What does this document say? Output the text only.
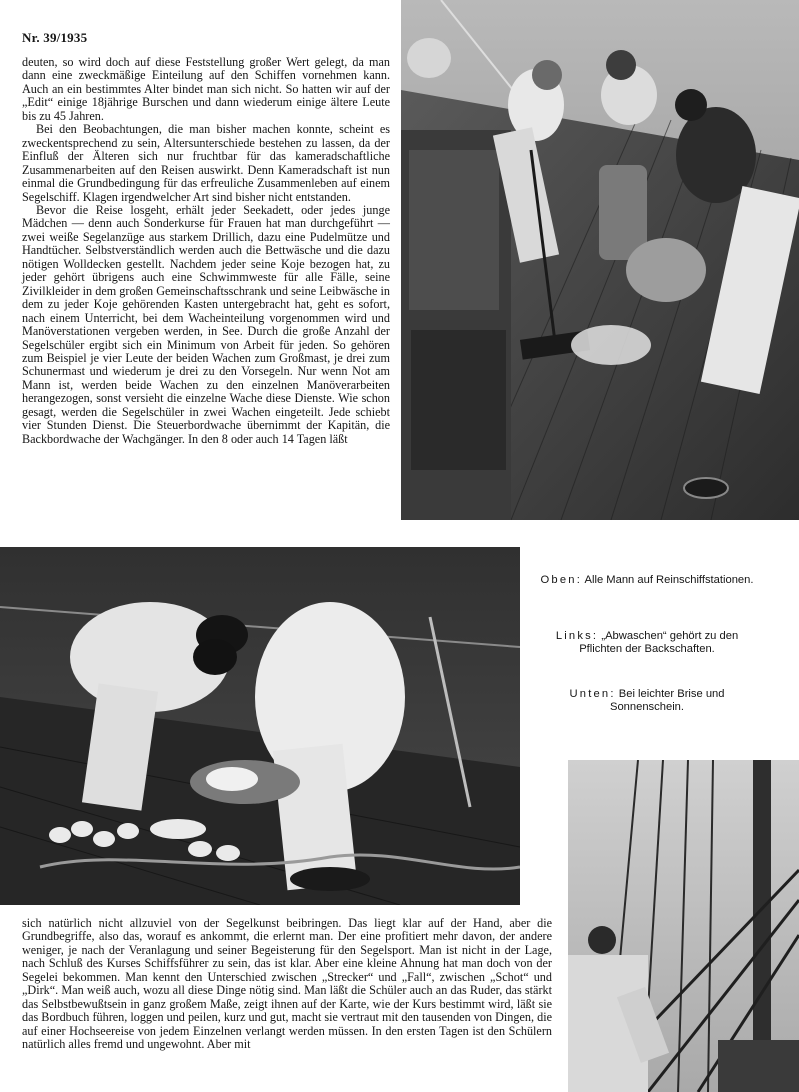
Nr. 39/1935

deuten, so wird doch auf diese Feststellung großer Wert gelegt, da man dann eine zweckmäßige Einteilung auf den Schiffen vornehmen kann. Auch an ein bestimmtes Alter bindet man sich nicht. So hatten wir auf der „Edit“ einige 18jährige Burschen und dann wiederum einige ältere Leute bis zu 45 Jahren.

Bei den Beobachtungen, die man bisher machen konnte, scheint es zweckentsprechend zu sein, Altersunterschiede bestehen zu lassen, da der Einfluß der Älteren sich nur fruchtbar für das kameradschaftliche Zusammenarbeiten auf den Reisen auswirkt. Denn Kameradschaft ist nun einmal die Grundbedingung für das erfreuliche Zusammenleben auf einem Segelschiff. Klagen irgendwelcher Art sind bisher nicht entstanden.

Bevor die Reise losgeht, erhält jeder Seekadett, oder jedes junge Mädchen — denn auch Sonderkurse für Frauen hat man durchgeführt — zwei weiße Segelanzüge aus starkem Drillich, dazu eine Pudelmütze und Handtücher. Selbstverständlich werden auch die Bettwäsche und die dazu nötigen Wolldecken gestellt. Nachdem jeder seine Koje bezogen hat, zu jeder gehört übrigens auch eine Schwimmweste für alle Fälle, seine Zivilkleider in dem großen Gemeinschaftsschrank und seine Leibwäsche in dem zu jeder Koje gehörenden Kasten untergebracht hat, geht es sofort, nach einem Unterricht, bei dem Wacheinteilung vorgenommen wird und Manöverstationen vergeben werden, in See. Durch die große Anzahl der Segelschüler ergibt sich ein Minimum von Arbeit für jeden. So gehören zum Beispiel je vier Leute der beiden Wachen zum Großmast, je drei zum Schunermast und wiederum je drei zu den Vorsegeln. Nur wenn Not am Mann ist, werden beide Wachen zu den einzelnen Manöverarbeiten herangezogen, sonst versieht die einzelne Wache diese Dienste. Wie schon gesagt, werden die Segelschüler in zwei Wachen eingeteilt. Jede schiebt vier Stunden Dienst. Die Steuerbordwache übernimmt der Kapitän, die Backbordwache der Wachgänger. In den 8 oder auch 14 Tagen läßt

Oben: Alle Mann auf Reinschiffstationen.
Links: „Abwaschen“ gehört zu den Pflichten der Backschaften.
Unten: Bei leichter Brise und Sonnenschein.

sich natürlich nicht allzuviel von der Segelkunst beibringen. Das liegt klar auf der Hand, aber die Grundbegriffe, also das, worauf es ankommt, die erlernt man. Der eine profitiert mehr davon, der andere weniger, je nach der Veranlagung und seiner Begeisterung für den Segelsport. Man ist nicht in der Lage, nach Schluß des Kurses Schiffsführer zu sein, das ist klar. Aber eine kleine Ahnung hat man doch von der Segelei bekommen. Man kennt den Unterschied zwischen „Strecker“ und „Fall“, zwischen „Schot“ und „Dirk“. Man weiß auch, wozu all diese Dinge nötig sind. Man läßt die Schüler auch an das Ruder, das stärkt das Selbstbewußtsein in ganz großem Maße, zeigt ihnen auf der Karte, wie der Kurs bestimmt wird, läßt sie das Bordbuch führen, loggen und peilen, kurz und gut, macht sie vertraut mit den tausenden von Dingen, die auf einer Hochseereise von jedem Einzelnen verlangt werden müssen. In den ersten Tagen ist den Schülern natürlich alles fremd und ungewohnt. Aber mit
